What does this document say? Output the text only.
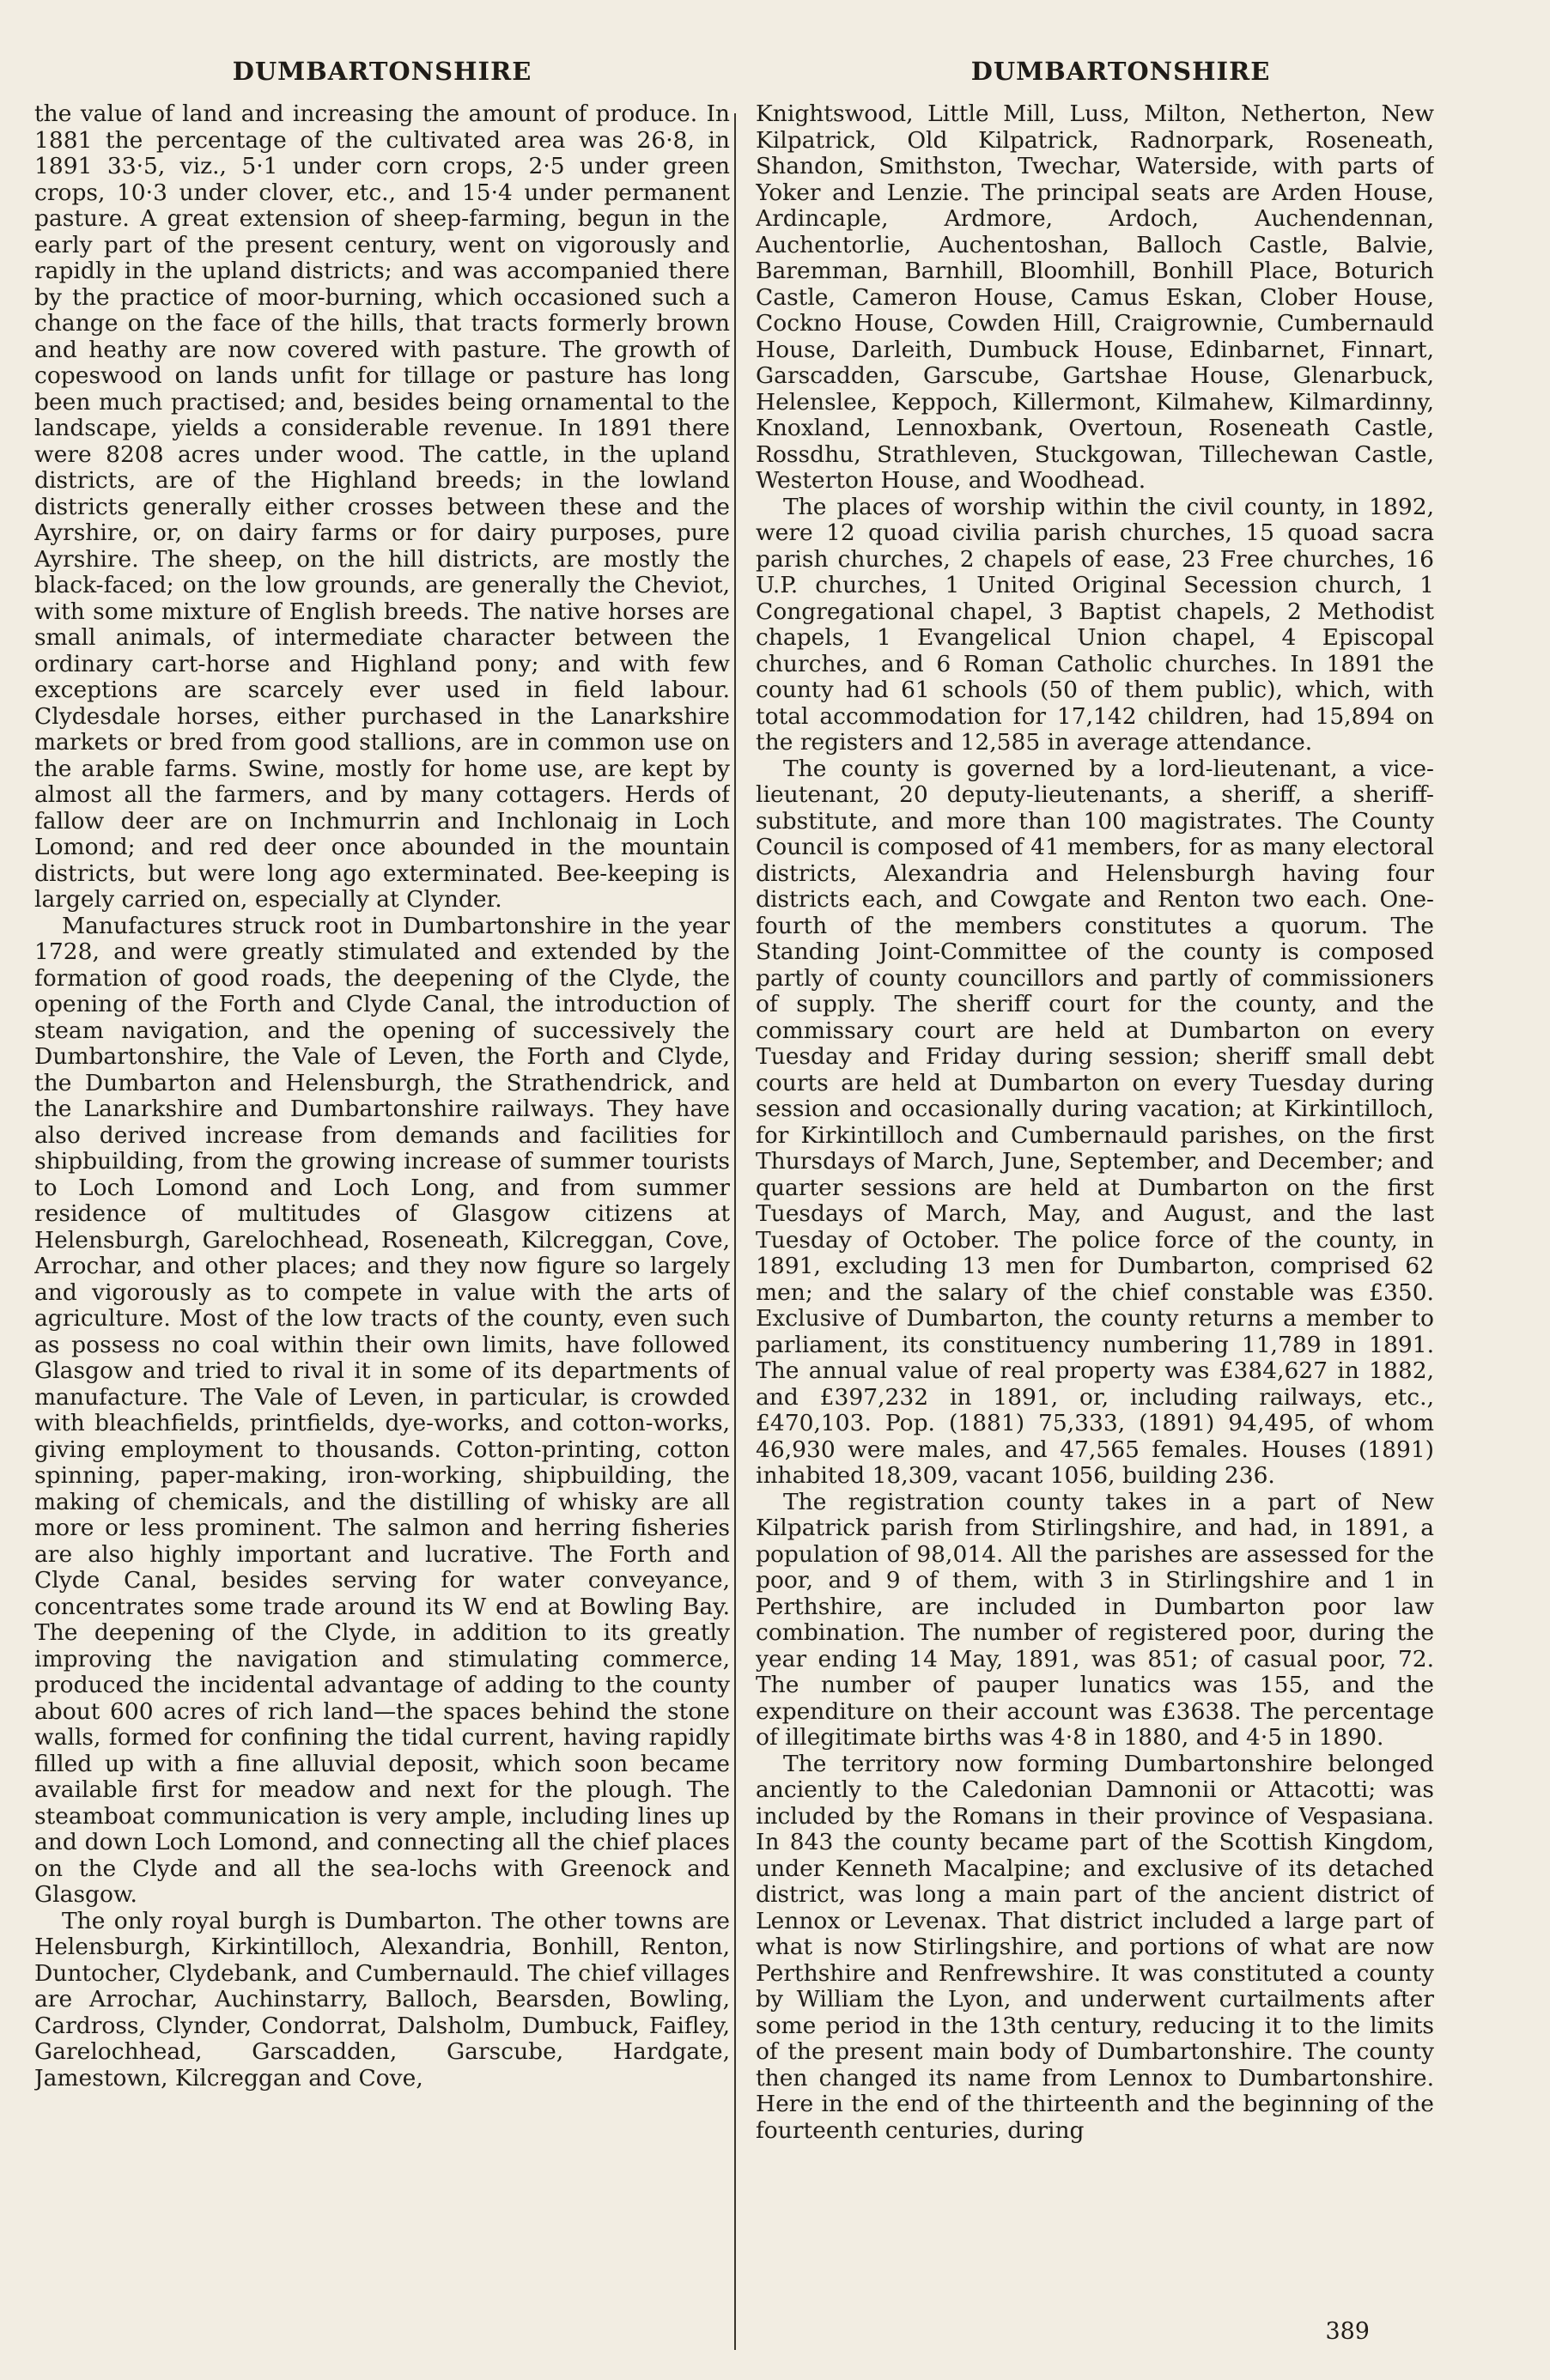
DUMBARTONSHIRE	DUMBARTONSHIRE

the value of land and increasing the amount of produce. In 1881 the percentage of the cultivated area was 26·8, in 1891 33·5, viz., 5·1 under corn crops, 2·5 under green crops, 10·3 under clover, etc., and 15·4 under permanent pasture. A great extension of sheep-farming, begun in the early part of the present century, went on vigorously and rapidly in the upland districts; and was accompanied there by the practice of moor-burning, which occasioned such a change on the face of the hills, that tracts formerly brown and heathy are now covered with pasture. The growth of copeswood on lands unfit for tillage or pasture has long been much practised; and, besides being ornamental to the landscape, yields a considerable revenue. In 1891 there were 8208 acres under wood. The cattle, in the upland districts, are of the Highland breeds; in the lowland districts generally either crosses between these and the Ayrshire, or, on dairy farms or for dairy purposes, pure Ayrshire. The sheep, on the hill districts, are mostly the black-faced; on the low grounds, are generally the Cheviot, with some mixture of English breeds. The native horses are small animals, of intermediate character between the ordinary cart-horse and Highland pony; and with few exceptions are scarcely ever used in field labour. Clydesdale horses, either purchased in the Lanarkshire markets or bred from good stallions, are in common use on the arable farms. Swine, mostly for home use, are kept by almost all the farmers, and by many cottagers. Herds of fallow deer are on Inchmurrin and Inchlonaig in Loch Lomond; and red deer once abounded in the mountain districts, but were long ago exterminated. Bee-keeping is largely carried on, especially at Clynder.

Manufactures struck root in Dumbartonshire in the year 1728, and were greatly stimulated and extended by the formation of good roads, the deepening of the Clyde, the opening of the Forth and Clyde Canal, the introduction of steam navigation, and the opening of successively the Dumbartonshire, the Vale of Leven, the Forth and Clyde, the Dumbarton and Helensburgh, the Strathendrick, and the Lanarkshire and Dumbartonshire railways. They have also derived increase from demands and facilities for shipbuilding, from the growing increase of summer tourists to Loch Lomond and Loch Long, and from summer residence of multitudes of Glasgow citizens at Helensburgh, Garelochhead, Roseneath, Kilcreggan, Cove, Arrochar, and other places; and they now figure so largely and vigorously as to compete in value with the arts of agriculture. Most of the low tracts of the county, even such as possess no coal within their own limits, have followed Glasgow and tried to rival it in some of its departments of manufacture. The Vale of Leven, in particular, is crowded with bleachfields, printfields, dye-works, and cotton-works, giving employment to thousands. Cotton-printing, cotton spinning, paper-making, iron-working, shipbuilding, the making of chemicals, and the distilling of whisky are all more or less prominent. The salmon and herring fisheries are also highly important and lucrative. The Forth and Clyde Canal, besides serving for water conveyance, concentrates some trade around its W end at Bowling Bay. The deepening of the Clyde, in addition to its greatly improving the navigation and stimulating commerce, produced the incidental advantage of adding to the county about 600 acres of rich land—the spaces behind the stone walls, formed for confining the tidal current, having rapidly filled up with a fine alluvial deposit, which soon became available first for meadow and next for the plough. The steamboat communication is very ample, including lines up and down Loch Lomond, and connecting all the chief places on the Clyde and all the sea-lochs with Greenock and Glasgow.

The only royal burgh is Dumbarton. The other towns are Helensburgh, Kirkintilloch, Alexandria, Bonhill, Renton, Duntocher, Clydebank, and Cumbernauld. The chief villages are Arrochar, Auchinstarry, Balloch, Bearsden, Bowling, Cardross, Clynder, Condorrat, Dalsholm, Dumbuck, Faifley, Garelochhead, Garscadden, Garscube, Hardgate, Jamestown, Kilcreggan and Cove,

Knightswood, Little Mill, Luss, Milton, Netherton, New Kilpatrick, Old Kilpatrick, Radnorpark, Roseneath, Shandon, Smithston, Twechar, Waterside, with parts of Yoker and Lenzie. The principal seats are Arden House, Ardincaple, Ardmore, Ardoch, Auchendennan, Auchentorlie, Auchentoshan, Balloch Castle, Balvie, Baremman, Barnhill, Bloomhill, Bonhill Place, Boturich Castle, Cameron House, Camus Eskan, Clober House, Cockno House, Cowden Hill, Craigrownie, Cumbernauld House, Darleith, Dumbuck House, Edinbarnet, Finnart, Garscadden, Garscube, Gartshae House, Glenarbuck, Helenslee, Keppoch, Killermont, Kilmahew, Kilmardinny, Knoxland, Lennoxbank, Overtoun, Roseneath Castle, Rossdhu, Strathleven, Stuckgowan, Tillechewan Castle, Westerton House, and Woodhead.

The places of worship within the civil county, in 1892, were 12 quoad civilia parish churches, 15 quoad sacra parish churches, 2 chapels of ease, 23 Free churches, 16 U.P. churches, 1 United Original Secession church, 1 Congregational chapel, 3 Baptist chapels, 2 Methodist chapels, 1 Evangelical Union chapel, 4 Episcopal churches, and 6 Roman Catholic churches. In 1891 the county had 61 schools (50 of them public), which, with total accommodation for 17,142 children, had 15,894 on the registers and 12,585 in average attendance.

The county is governed by a lord-lieutenant, a vice-lieutenant, 20 deputy-lieutenants, a sheriff, a sheriff-substitute, and more than 100 magistrates. The County Council is composed of 41 members, for as many electoral districts, Alexandria and Helensburgh having four districts each, and Cowgate and Renton two each. One-fourth of the members constitutes a quorum. The Standing Joint-Committee of the county is composed partly of county councillors and partly of commissioners of supply. The sheriff court for the county, and the commissary court are held at Dumbarton on every Tuesday and Friday during session; sheriff small debt courts are held at Dumbarton on every Tuesday during session and occasionally during vacation; at Kirkintilloch, for Kirkintilloch and Cumbernauld parishes, on the first Thursdays of March, June, September, and December; and quarter sessions are held at Dumbarton on the first Tuesdays of March, May, and August, and the last Tuesday of October. The police force of the county, in 1891, excluding 13 men for Dumbarton, comprised 62 men; and the salary of the chief constable was £350. Exclusive of Dumbarton, the county returns a member to parliament, its constituency numbering 11,789 in 1891. The annual value of real property was £384,627 in 1882, and £397,232 in 1891, or, including railways, etc., £470,103. Pop. (1881) 75,333, (1891) 94,495, of whom 46,930 were males, and 47,565 females. Houses (1891) inhabited 18,309, vacant 1056, building 236.

The registration county takes in a part of New Kilpatrick parish from Stirlingshire, and had, in 1891, a population of 98,014. All the parishes are assessed for the poor, and 9 of them, with 3 in Stirlingshire and 1 in Perthshire, are included in Dumbarton poor law combination. The number of registered poor, during the year ending 14 May, 1891, was 851; of casual poor, 72. The number of pauper lunatics was 155, and the expenditure on their account was £3638. The percentage of illegitimate births was 4·8 in 1880, and 4·5 in 1890.

The territory now forming Dumbartonshire belonged anciently to the Caledonian Damnonii or Attacotti; was included by the Romans in their province of Vespasiana. In 843 the county became part of the Scottish Kingdom, under Kenneth Macalpine; and exclusive of its detached district, was long a main part of the ancient district of Lennox or Levenax. That district included a large part of what is now Stirlingshire, and portions of what are now Perthshire and Renfrewshire. It was constituted a county by William the Lyon, and underwent curtailments after some period in the 13th century, reducing it to the limits of the present main body of Dumbartonshire. The county then changed its name from Lennox to Dumbartonshire. Here in the end of the thirteenth and the beginning of the fourteenth centuries, during

389
